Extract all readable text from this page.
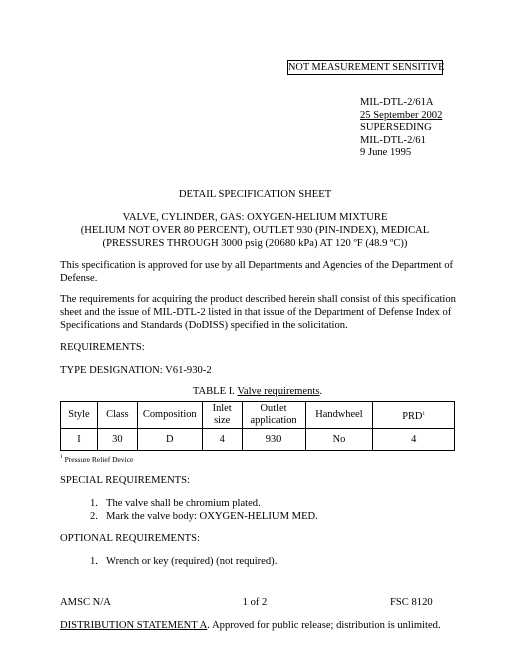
NOT MEASUREMENT SENSITIVE
MIL-DTL-2/61A
25 September 2002
SUPERSEDING
MIL-DTL-2/61
9 June 1995
DETAIL SPECIFICATION SHEET
VALVE, CYLINDER, GAS: OXYGEN-HELIUM MIXTURE
(HELIUM NOT OVER 80 PERCENT), OUTLET 930 (PIN-INDEX), MEDICAL
(PRESSURES THROUGH 3000 psig (20680 kPa) AT 120 ºF (48.9 ºC))
This specification is approved for use by all Departments and Agencies of the Department of Defense.
The requirements for acquiring the product described herein shall consist of this specification sheet and the issue of MIL-DTL-2 listed in that issue of the Department of Defense Index of Specifications and Standards (DoDISS) specified in the solicitation.
REQUIREMENTS:
TYPE DESIGNATION: V61-930-2
TABLE I. Valve requirements.
Style	Class	Composition	Inlet size	Outlet application	Handwheel	PRD$^1$
I	30	D	4	930	No	4
$^1$ Pressure Relief Device
SPECIAL REQUIREMENTS:
1. The valve shall be chromium plated.
2. Mark the valve body: OXYGEN-HELIUM MED.
OPTIONAL REQUIREMENTS:
1. Wrench or key (required) (not required).
AMSC N/A	1 of 2	FSC 8120
DISTRIBUTION STATEMENT A. Approved for public release; distribution is unlimited.
